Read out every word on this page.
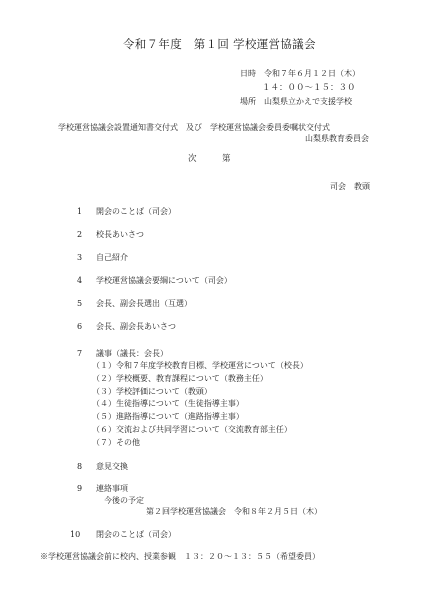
令和７年度　第１回 学校運営協議会
日時　令和７年６月１２日（木）
１４：００～１５：３０
場所　山梨県立かえで支援学校
学校運営協議会設置通知書交付式　及び　学校運営協議会委員委嘱状交付式
山梨県教育委員会
次　　　第
司会　教頭
1 開会のことば（司会）
2 校長あいさつ
3 自己紹介
4 学校運営協議会要綱について（司会）
5 会長、副会長選出（互選）
6 会長、副会長あいさつ
7 議事（議長：会長）
（１）令和７年度学校教育目標、学校運営について（校長）
（２）学校概要、教育課程について（教務主任）
（３）学校評価について（教頭）
（４）生徒指導について（生徒指導主事）
（５）進路指導について（進路指導主事）
（６）交流および共同学習について（交流教育部主任）
（７）その他
8 意見交換
9 連絡事項
今後の予定
第２回学校運営協議会　令和８年２月５日（木）
10 閉会のことば（司会）
※学校運営協議会前に校内、授業参観　１３：２０～１３：５５（希望委員）
